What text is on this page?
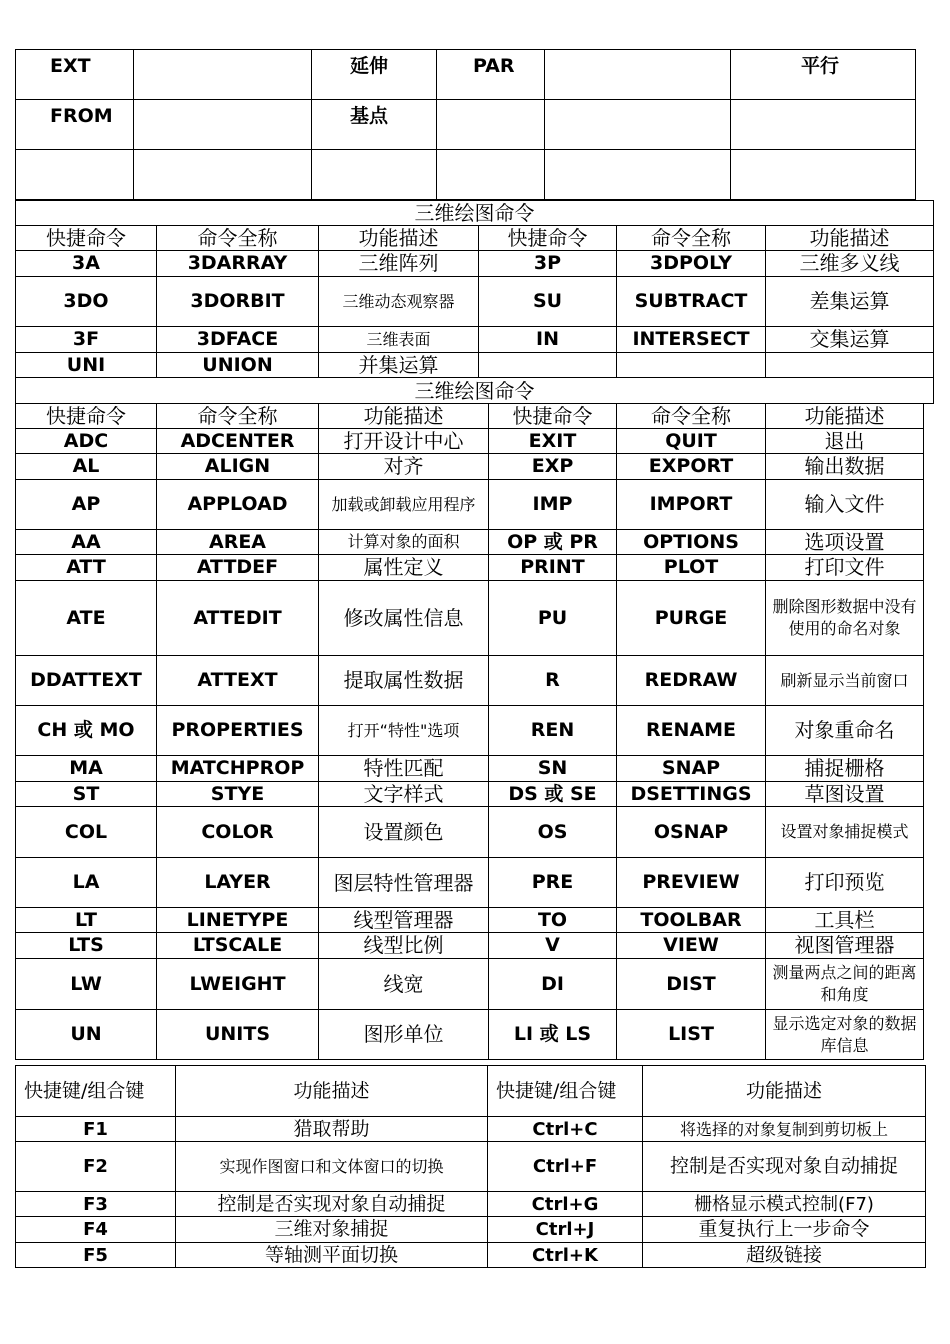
EXT		延伸	PAR		平行
FROM		基点			

三维绘图命令					
快捷命令	命令全称	功能描述	快捷命令	命令全称	功能描述
3A	3DARRAY	三维阵列	3P	3DPOLY	三维多义线
3DO	3DORBIT	三维动态观察器	SU	SUBTRACT	差集运算
3F	3DFACE	三维表面	IN	INTERSECT	交集运算
UNI	UNION	并集运算			
三维绘图命令						
快捷命令	命令全称	功能描述	快捷命令	命令全称	功能描述	
ADC	ADCENTER	打开设计中心	EXIT	QUIT	退出	
AL	ALIGN	对齐	EXP	EXPORT	输出数据	
AP	APPLOAD	加载或卸载应用程序	IMP	IMPORT	输入文件	
AA	AREA	计算对象的面积	OP 或 PR	OPTIONS	选项设置	
ATT	ATTDEF	属性定义	PRINT	PLOT	打印文件	
ATE	ATTEDIT	修改属性信息	PU	PURGE	删除图形数据中没有使用的命名对象	
DDATTEXT	ATTEXT	提取属性数据	R	REDRAW	刷新显示当前窗口	
CH 或 MO	PROPERTIES	打开“特性"选项	REN	RENAME	对象重命名	
MA	MATCHPROP	特性匹配	SN	SNAP	捕捉栅格	
ST	STYE	文字样式	DS 或 SE	DSETTINGS	草图设置	
COL	COLOR	设置颜色	OS	OSNAP	设置对象捕捉模式	
LA	LAYER	图层特性管理器	PRE	PREVIEW	打印预览	
LT	LINETYPE	线型管理器	TO	TOOLBAR	工具栏	
LTS	LTSCALE	线型比例	V	VIEW	视图管理器	
LW	LWEIGHT	线宽	DI	DIST	测量两点之间的距离和角度	
UN	UNITS	图形单位	LI 或 LS	LIST	显示选定对象的数据库信息	
快捷键/组合键	功能描述	快捷键/组合键	功能描述
F1	猎取帮助	Ctrl+C	将选择的对象复制到剪切板上
F2	实现作图窗口和文体窗口的切换	Ctrl+F	控制是否实现对象自动捕捉
F3	控制是否实现对象自动捕捉	Ctrl+G	栅格显示模式控制(F7)
F4	三维对象捕捉	Ctrl+J	重复执行上一步命令
F5	等轴测平面切换	Ctrl+K	超级链接
